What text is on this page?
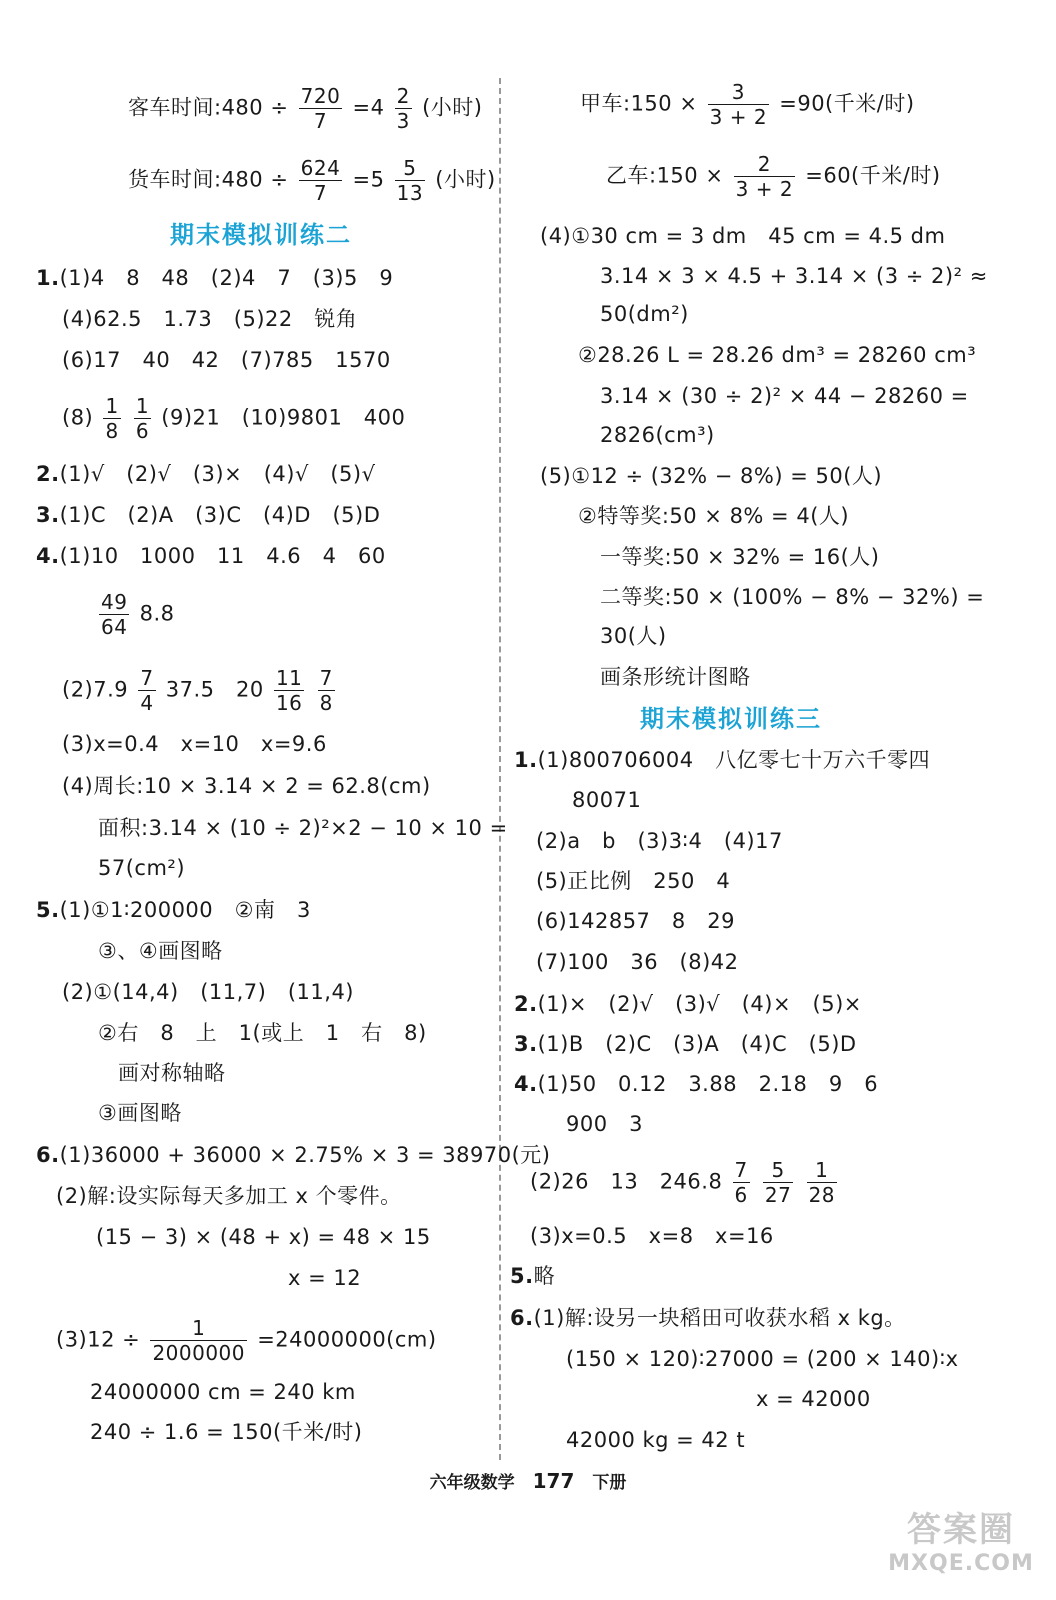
客车时间:480 ÷ $\frac{720}{7} =4 \frac{2}{3}$ (小时)
货车时间:480 ÷ $\frac{624}{7} =5 \frac{5}{13}$ (小时)
期末模拟训练二
1.(1)4　8　48　(2)4　7　(3)5　9
(4)62.5　1.73　(5)22　锐角
(6)17　40　42　(7)785　1570
$(8) \frac{1}{8}$
$\frac{1}{6} (9)21$　(10)9801　400
2.(1)√　(2)√　(3)×　(4)√　(5)√
3.(1)C　(2)A　(3)C　(4)D　(5)D
4.(1)10　1000　11　4.6　4　60
$\frac{49}{64} 8.8$
$(2)7.9 \frac{7}{4} 37.5$　$20 \frac{11}{16}$
$\frac{7}{8}$
(3)x=0.4　x=10　x=9.6
(4)周长:10 × 3.14 × 2 = 62.8(cm)
面积:3.14 × (10 ÷ 2)²×2 − 10 × 10 =
57(cm²)
5.(1)①1∶200000　②南　3
③、④画图略
(2)①(14,4)　(11,7)　(11,4)
②右　8　上　1(或上　1　右　8)
画对称轴略
③画图略
6.(1)36000 + 36000 × 2.75% × 3 = 38970(元)
(2)解:设实际每天多加工 x 个零件。
(15 − 3) × (48 + x) = 48 × 15
x = 12
$(3)12 \div \frac{1}{2000000} =24000000(cm)$
24000000 cm = 240 km
240 ÷ 1.6 = 150(千米/时)
甲车:150 × $\frac{3}{3 + 2} =90$(千米/时)
乙车:150 × $\frac{2}{3 + 2} =60$(千米/时)
(4)①30 cm = 3 dm　45 cm = 4.5 dm
3.14 × 3 × 4.5 + 3.14 × (3 ÷ 2)² ≈
50(dm²)
②28.26 L = 28.26 dm³ = 28260 cm³
3.14 × (30 ÷ 2)² × 44 − 28260 =
2826(cm³)
(5)①12 ÷ (32% − 8%) = 50(人)
②特等奖:50 × 8% = 4(人)
一等奖:50 × 32% = 16(人)
二等奖:50 × (100% − 8% − 32%) =
30(人)
画条形统计图略
期末模拟训练三
1.(1)800706004　八亿零七十万六千零四
80071
(2)a　b　(3)3∶4　(4)17
(5)正比例　250　4
(6)142857　8　29
(7)100　36　(8)42
2.(1)×　(2)√　(3)√　(4)×　(5)×
3.(1)B　(2)C　(3)A　(4)C　(5)D
4.(1)50　0.12　3.88　2.18　9　6
900　3
(2)26　13　$246.8 \frac{7}{6}$
$\frac{5}{27}$
$\frac{1}{28}$
(3)x=0.5　x=8　x=16
5.略
6.(1)解:设另一块稻田可收获水稻 x kg。
(150 × 120)∶27000 = (200 × 140)∶x
x = 42000
42000 kg = 42 t
六年级数学 177 下册
答案圈
MXQE.COM
